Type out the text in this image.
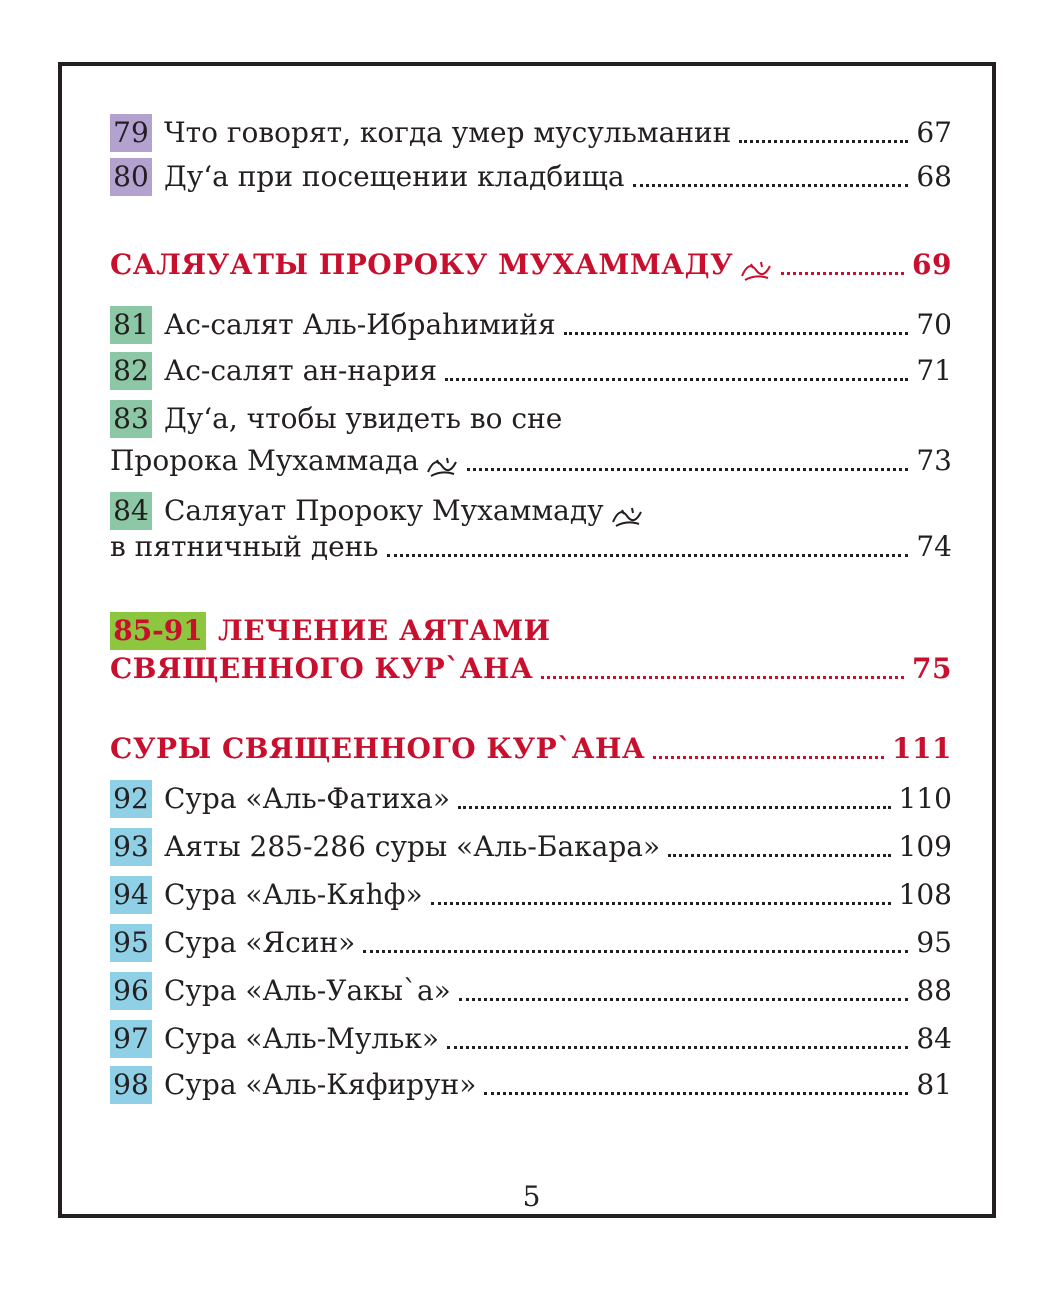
79 Что говорят, когда умер мусульманин	67
80 Ду‘а при посещении кладбища	68
САЛЯУАТЫ ПРОРОКУ МУХАММАДУ	69
81 Ас-салят Аль-Ибраhимийя	70
82 Ас-салят ан-нария	71
83 Ду‘а, чтобы увидеть во сне
Пророка Мухаммада	73
84 Саляуат Пророку Мухаммаду
в пятничный день	74
85-91 ЛЕЧЕНИЕ АЯТАМИ
СВЯЩЕННОГО КУР`АНА	75
СУРЫ СВЯЩЕННОГО КУР`АНА	111
92 Сура «Аль-Фатиха»	110
93 Аяты 285-286 суры «Аль-Бакара»	109
94 Сура «Аль-Кяhф»	108
95 Сура «Ясин»	95
96 Сура «Аль-Уакы`а»	88
97 Сура «Аль-Мульк»	84
98 Сура «Аль-Кяфирун»	81
5
